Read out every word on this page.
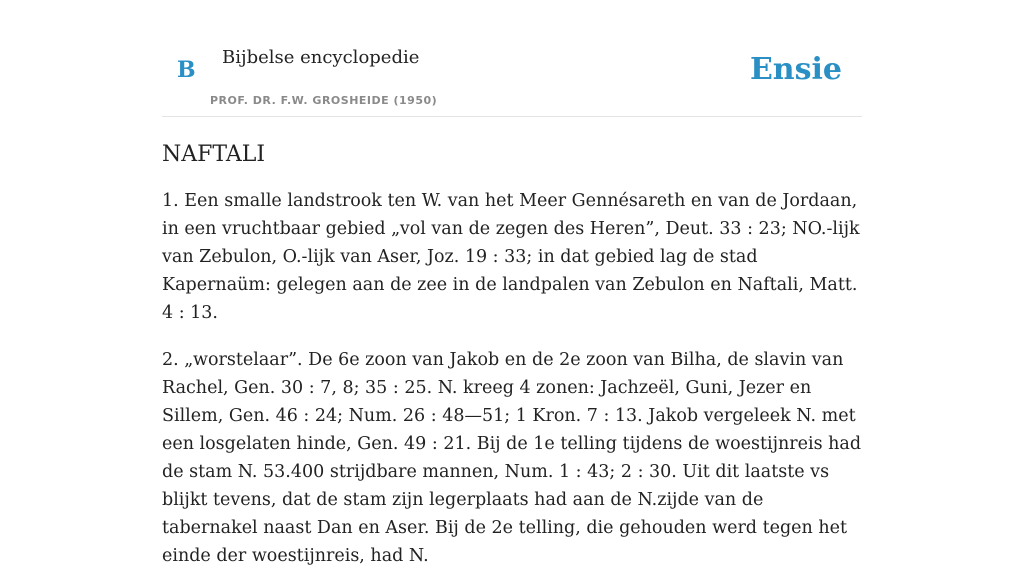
B Bijbelse encyclopedie
PROF. DR. F.W. GROSHEIDE (1950)
Ensie
NAFTALI

1. Een smalle landstrook ten W. van het Meer Gennésareth en van de Jordaan, in een vruchtbaar gebied „vol van de zegen des Heren”, Deut. 33 : 23; NO.-lijk van Zebulon, O.-lijk van Aser, Joz. 19 : 33; in dat gebied lag de stad Kapernaüm: gelegen aan de zee in de landpalen van Zebulon en Naftali, Matt. 4 : 13.

2. „worstelaar”. De 6e zoon van Jakob en de 2e zoon van Bilha, de slavin van Rachel, Gen. 30 : 7, 8; 35 : 25. N. kreeg 4 zonen: Jachzeël, Guni, Jezer en Sillem, Gen. 46 : 24; Num. 26 : 48—51; 1 Kron. 7 : 13. Jakob vergeleek N. met een losgelaten hinde, Gen. 49 : 21. Bij de 1e telling tijdens de woestijnreis had de stam N. 53.400 strijdbare mannen, Num. 1 : 43; 2 : 30. Uit dit laatste vs blijkt tevens, dat de stam zijn legerplaats had aan de N.zijde van de tabernakel naast Dan en Aser. Bij de 2e telling, die gehouden werd tegen het einde der woestijnreis, had N.
